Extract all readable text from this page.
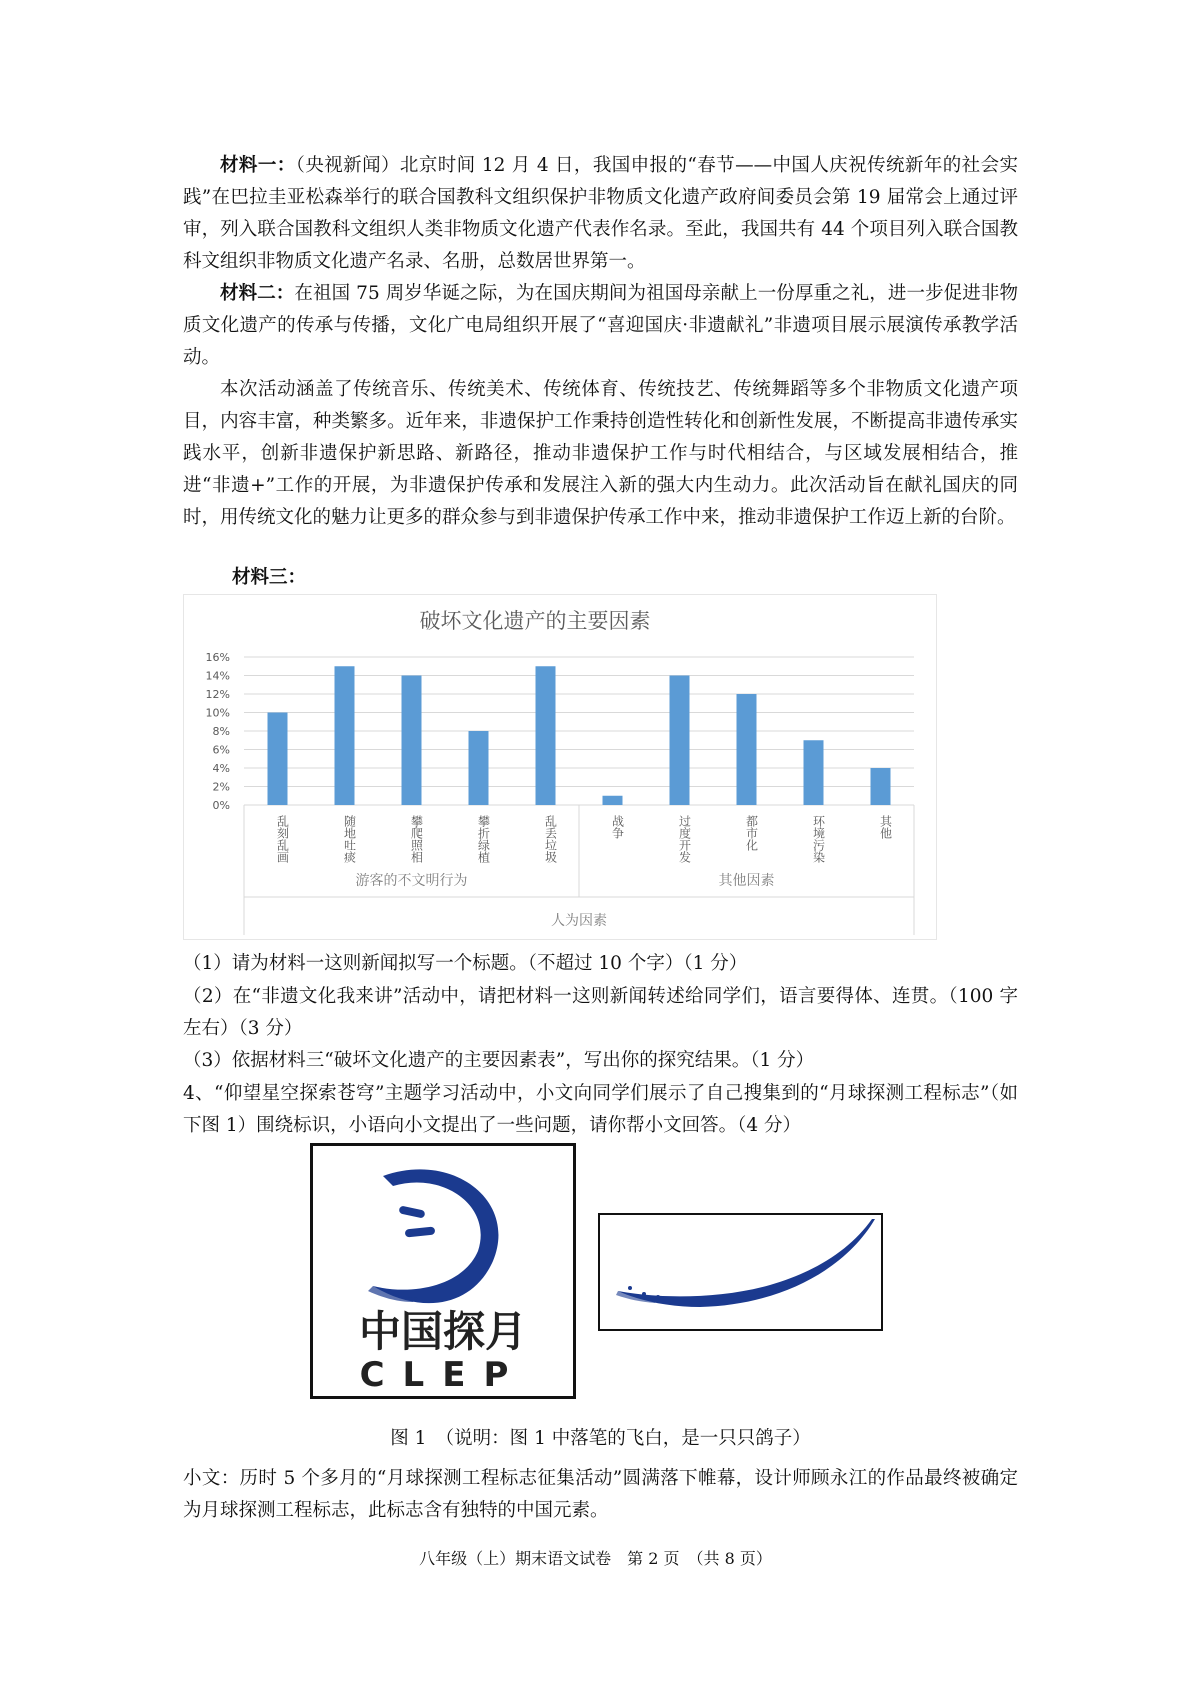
材料一：（央视新闻）北京时间 12 月 4 日，我国申报的“春节——中国人庆祝传统新年的社会实践”在巴拉圭亚松森举行的联合国教科文组织保护非物质文化遗产政府间委员会第 19 届常会上通过评审，列入联合国教科文组织人类非物质文化遗产代表作名录。至此，我国共有 44 个项目列入联合国教科文组织非物质文化遗产名录、名册，总数居世界第一。

材料二：在祖国 75 周岁华诞之际，为在国庆期间为祖国母亲献上一份厚重之礼，进一步促进非物质文化遗产的传承与传播，文化广电局组织开展了“喜迎国庆·非遗献礼”非遗项目展示展演传承教学活动。

本次活动涵盖了传统音乐、传统美术、传统体育、传统技艺、传统舞蹈等多个非物质文化遗产项目，内容丰富，种类繁多。近年来，非遗保护工作秉持创造性转化和创新性发展，不断提高非遗传承实践水平，创新非遗保护新思路、新路径，推动非遗保护工作与时代相结合，与区域发展相结合，推进“非遗+”工作的开展，为非遗保护传承和发展注入新的强大内生动力。此次活动旨在献礼国庆的同时，用传统文化的魅力让更多的群众参与到非遗保护传承工作中来，推动非遗保护工作迈上新的台阶。

材料三：
破坏文化遗产的主要因素
0%
2%
4%
6%
8%
10%
12%
14%
16%
乱刻乱画	随地吐痰	攀爬照相	攀折绿植	乱丢垃圾	战争	过度开发	都市化	环境污染	其他
游客的不文明行为	其他因素
人为因素

（1）请为材料一这则新闻拟写一个标题。（不超过 10 个字）（1 分）

（2）在“非遗文化我来讲”活动中，请把材料一这则新闻转述给同学们，语言要得体、连贯。（100 字左右）（3 分）

（3）依据材料三“破坏文化遗产的主要因素表”，写出你的探究结果。（1 分）

4、“仰望星空探索苍穹”主题学习活动中，小文向同学们展示了自己搜集到的“月球探测工程标志”（如下图 1）围绕标识，小语向小文提出了一些问题，请你帮小文回答。（4 分）

中国探月
CLEP
图 1　（说明：图 1 中落笔的飞白，是一只只鸽子）

小文：历时 5 个多月的“月球探测工程标志征集活动”圆满落下帷幕，设计师顾永江的作品最终被确定为月球探测工程标志，此标志含有独特的中国元素。

八年级（上）期末语文试卷　第 2 页　（共 8 页）
